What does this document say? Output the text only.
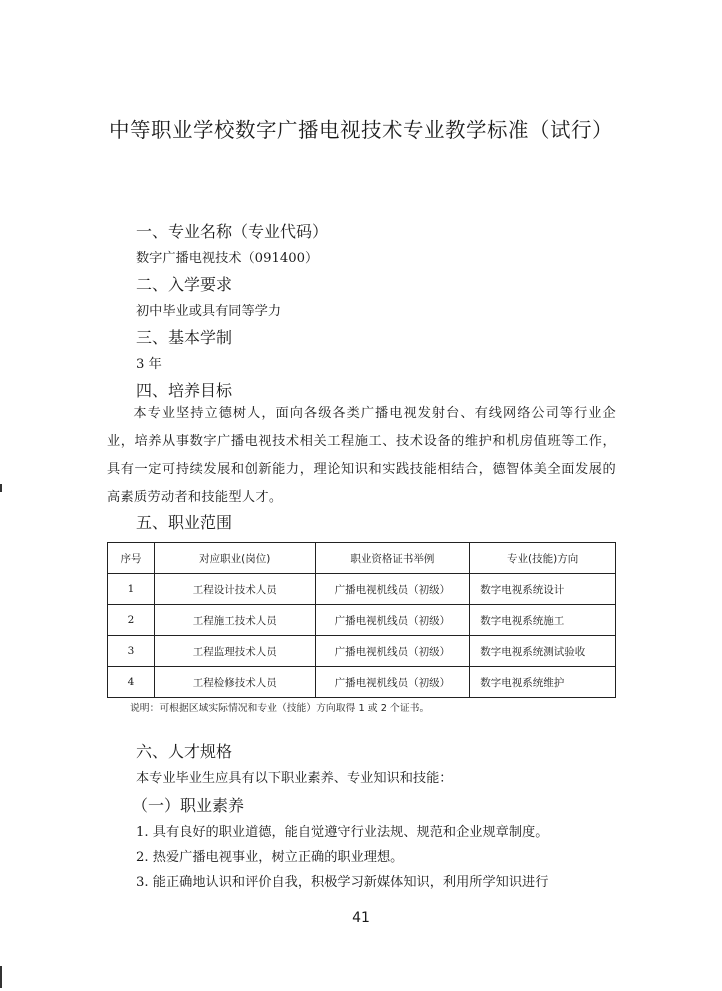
中等职业学校数字广播电视技术专业教学标准（试行）
一、专业名称（专业代码）
数字广播电视技术（091400）
二、入学要求
初中毕业或具有同等学力
三、基本学制
3 年
四、培养目标
本专业坚持立德树人，面向各级各类广播电视发射台、有线网络公司等行业企业，培养从事数字广播电视技术相关工程施工、技术设备的维护和机房值班等工作，具有一定可持续发展和创新能力，理论知识和实践技能相结合，德智体美全面发展的高素质劳动者和技能型人才。
五、职业范围
序号	对应职业(岗位)	职业资格证书举例	专业(技能)方向
1	工程设计技术人员	广播电视机线员（初级）	数字电视系统设计
2	工程施工技术人员	广播电视机线员（初级）	数字电视系统施工
3	工程监理技术人员	广播电视机线员（初级）	数字电视系统测试验收
4	工程检修技术人员	广播电视机线员（初级）	数字电视系统维护
说明：可根据区域实际情况和专业（技能）方向取得 1 或 2 个证书。
六、人才规格
本专业毕业生应具有以下职业素养、专业知识和技能：
（一）职业素养
1. 具有良好的职业道德，能自觉遵守行业法规、规范和企业规章制度。
2. 热爱广播电视事业，树立正确的职业理想。
3. 能正确地认识和评价自我，积极学习新媒体知识，利用所学知识进行
41
